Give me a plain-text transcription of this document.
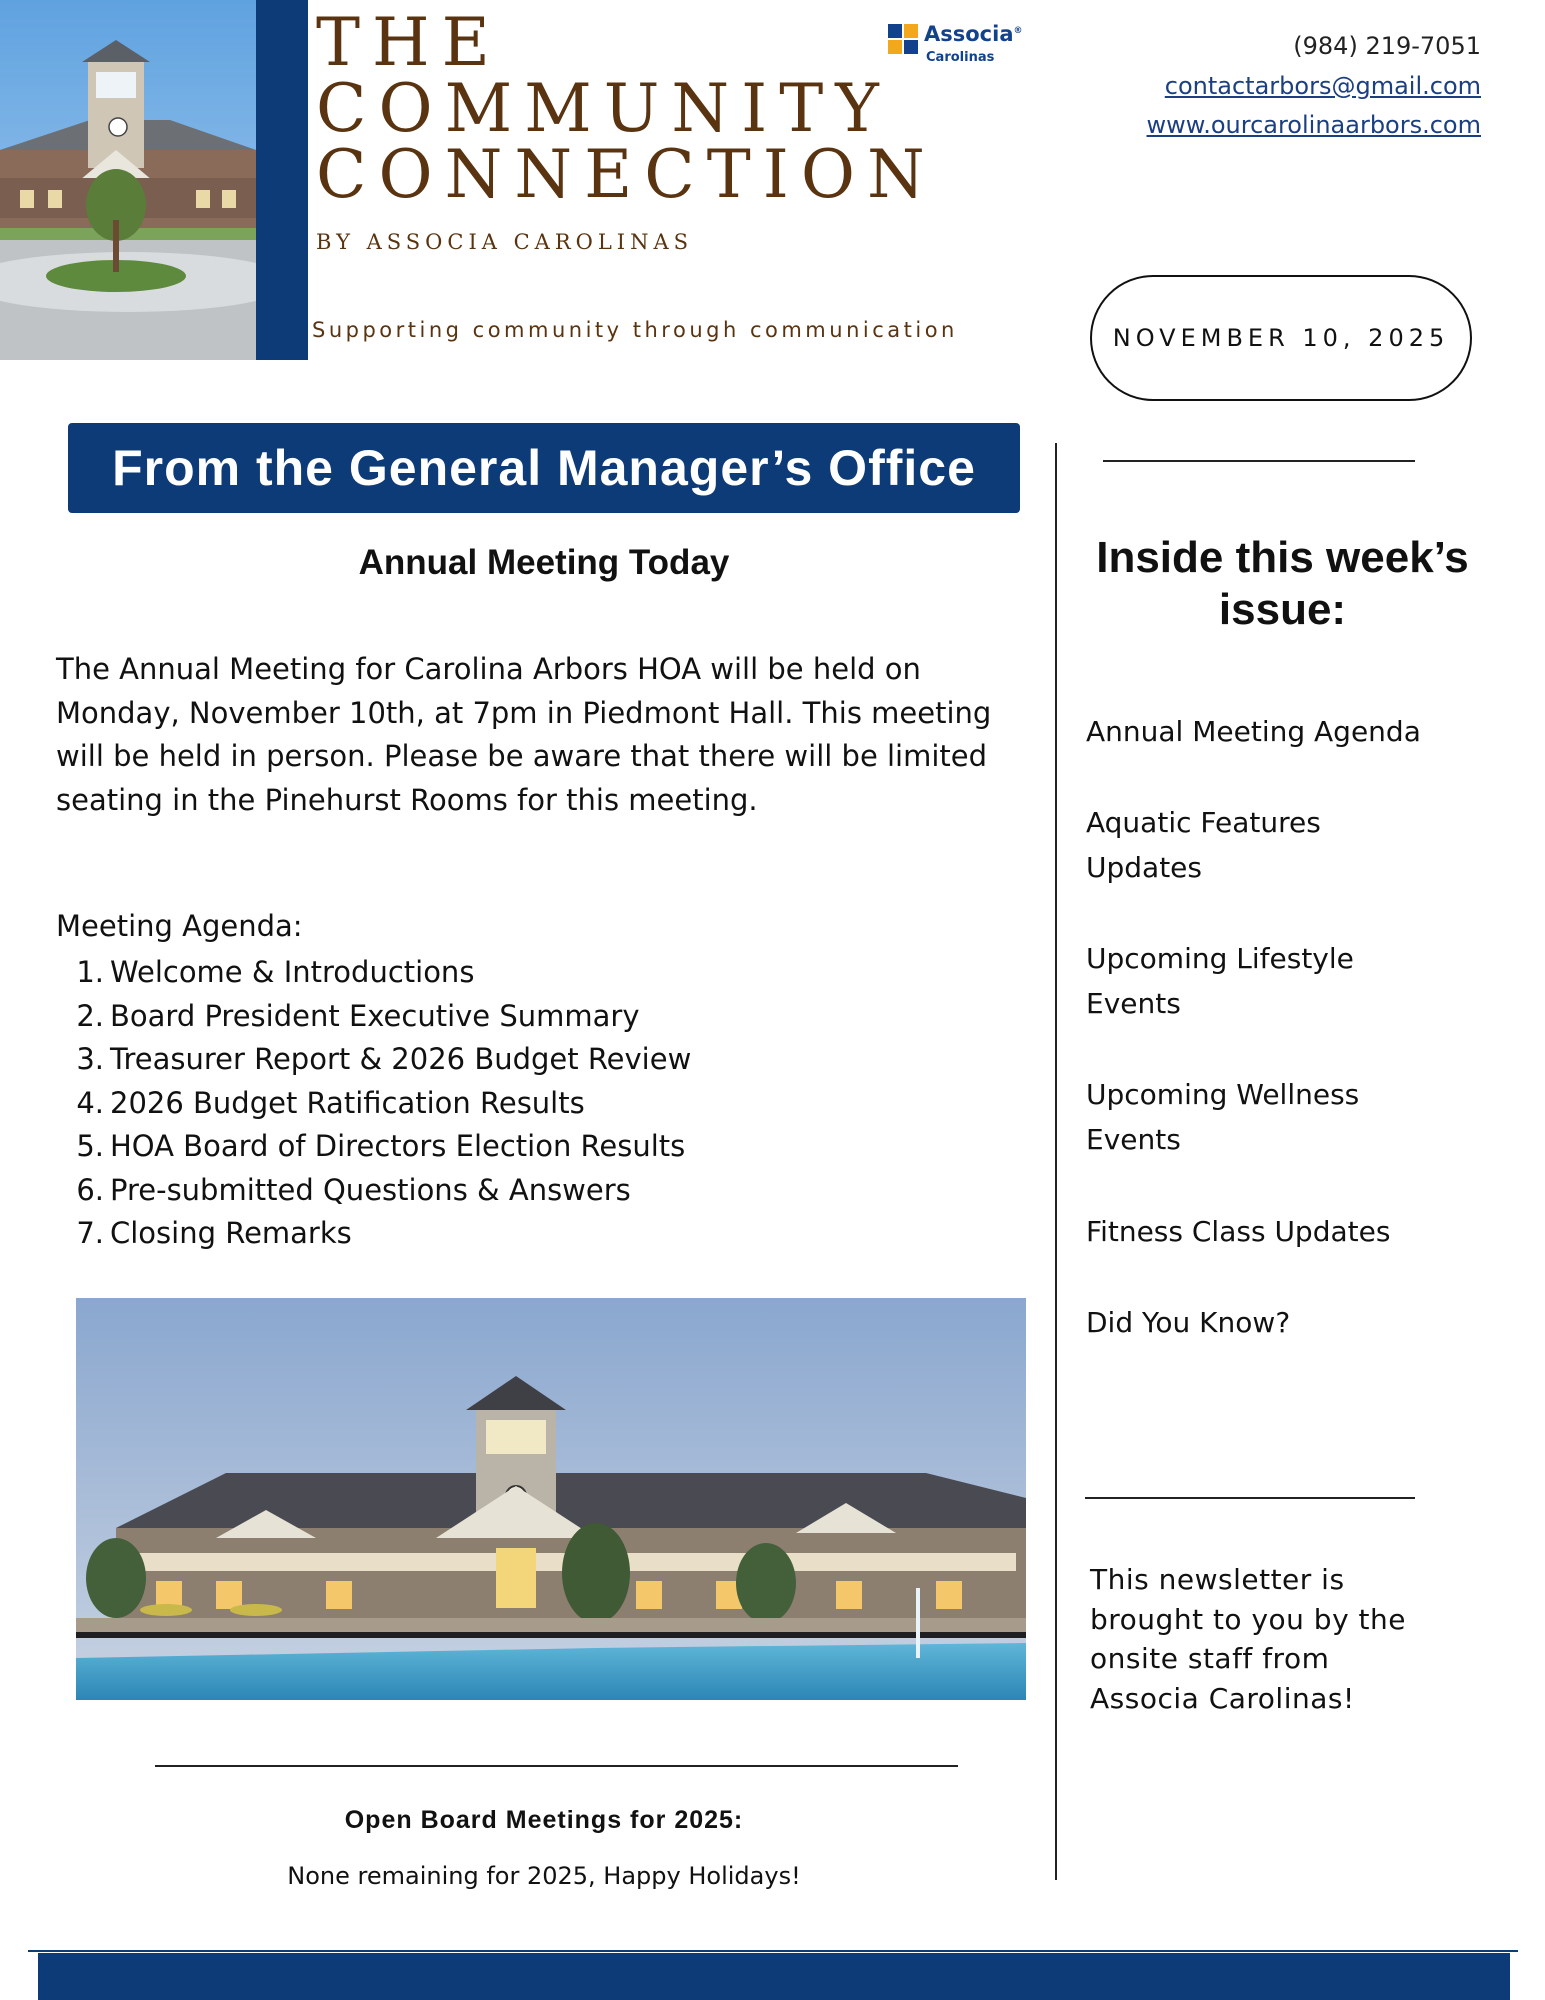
THE
COMMUNITY
CONNECTION
BY ASSOCIA CAROLINAS
Supporting community through communication
Associa®
Carolinas	(984) 219-7051
contactarbors@gmail.com
www.ourcarolinaarbors.com
NOVEMBER 10, 2025
From the General Manager’s Office
Annual Meeting Today
The Annual Meeting for Carolina Arbors HOA will be held on Monday, November 10th, at 7pm in Piedmont Hall. This meeting will be held in person. Please be aware that there will be limited seating in the Pinehurst Rooms for this meeting.
Meeting Agenda:
1. Welcome & Introductions
2. Board President Executive Summary
3. Treasurer Report & 2026 Budget Review
4. 2026 Budget Ratification Results
5. HOA Board of Directors Election Results
6. Pre-submitted Questions & Answers
7. Closing Remarks
Open Board Meetings for 2025:
None remaining for 2025, Happy Holidays!
Inside this week’s issue:
Annual Meeting Agenda
Aquatic Features Updates
Upcoming Lifestyle Events
Upcoming Wellness Events
Fitness Class Updates
Did You Know?
This newsletter is brought to you by the onsite staff from Associa Carolinas!
